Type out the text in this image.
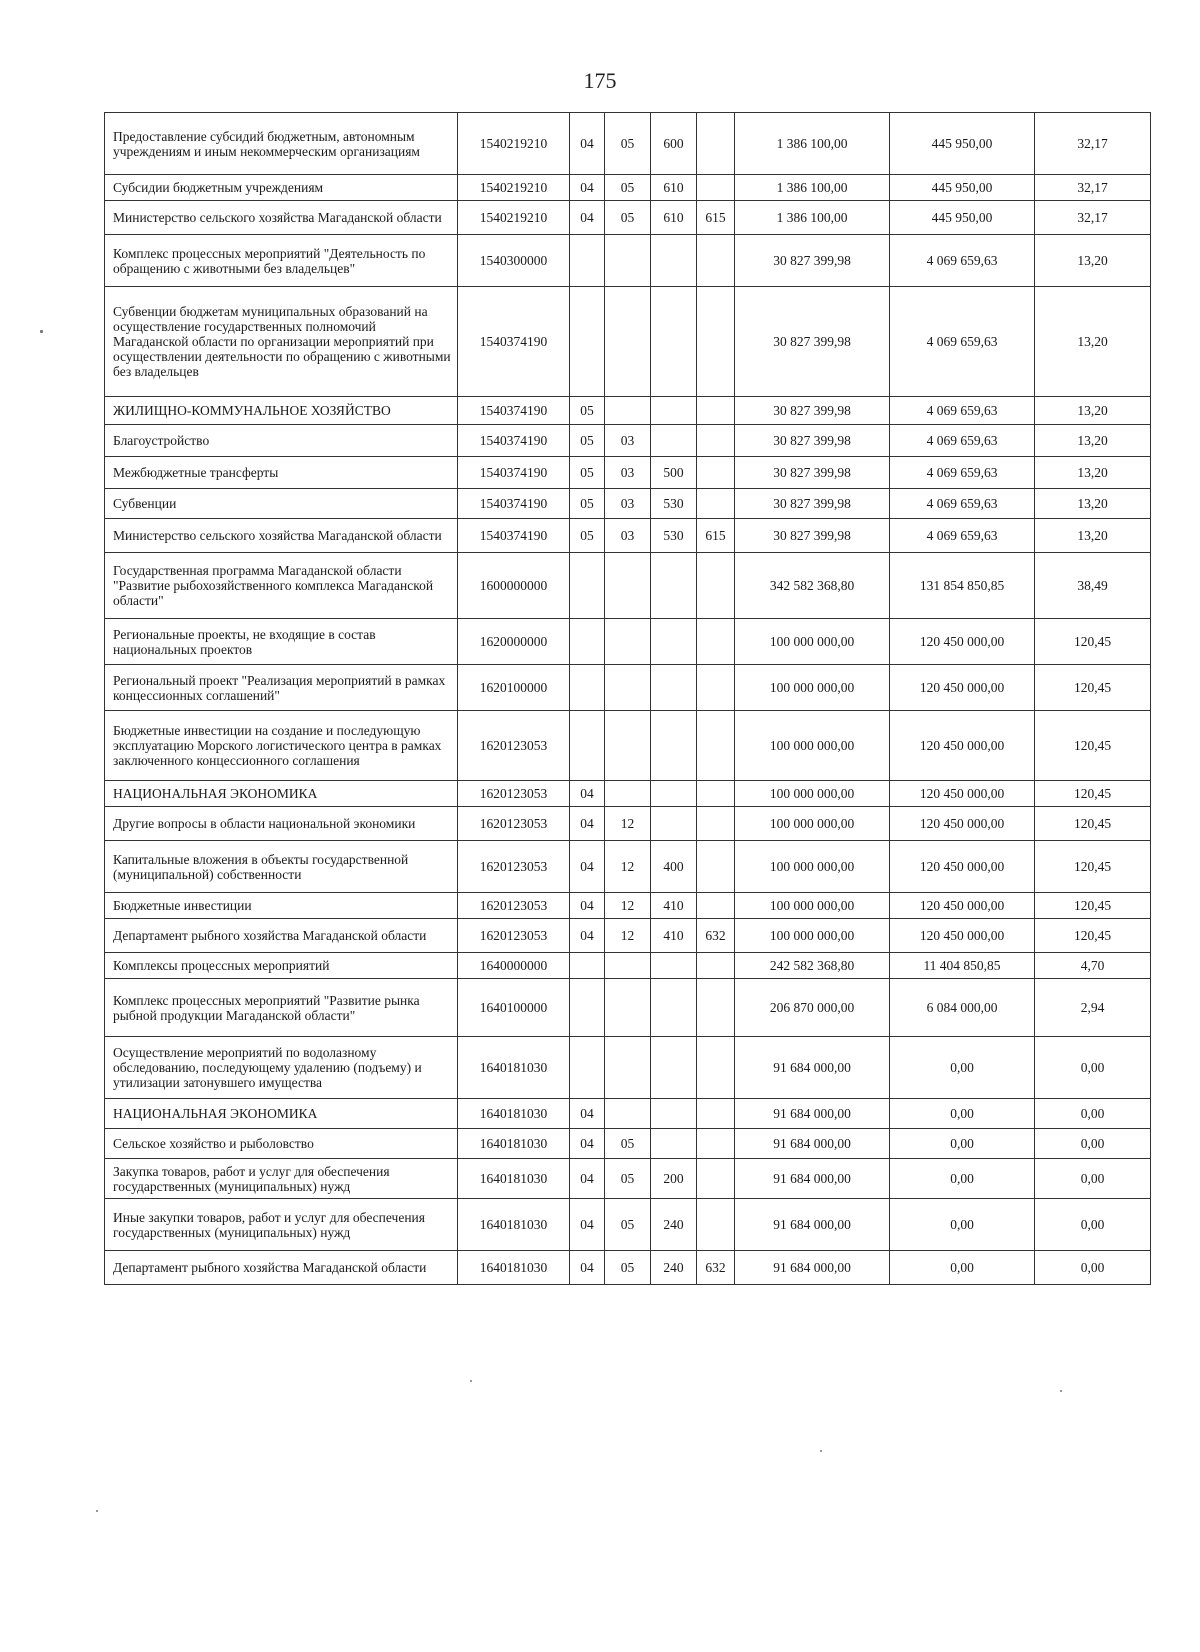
175
Предоставление субсидий бюджетным, автономным учреждениям и иным некоммерческим организациям	1540219210	04	05	600		1 386 100,00	445 950,00	32,17
Субсидии бюджетным учреждениям	1540219210	04	05	610		1 386 100,00	445 950,00	32,17
Министерство сельского хозяйства Магаданской области	1540219210	04	05	610	615	1 386 100,00	445 950,00	32,17
Комплекс процессных мероприятий "Деятельность по обращению с животными без владельцев"	1540300000					30 827 399,98	4 069 659,63	13,20
Субвенции бюджетам муниципальных образований на осуществление государственных полномочий Магаданской области по организации мероприятий при осуществлении деятельности по обращению с животными без владельцев	1540374190					30 827 399,98	4 069 659,63	13,20
ЖИЛИЩНО-КОММУНАЛЬНОЕ ХОЗЯЙСТВО	1540374190	05				30 827 399,98	4 069 659,63	13,20
Благоустройство	1540374190	05	03			30 827 399,98	4 069 659,63	13,20
Межбюджетные трансферты	1540374190	05	03	500		30 827 399,98	4 069 659,63	13,20
Субвенции	1540374190	05	03	530		30 827 399,98	4 069 659,63	13,20
Министерство сельского хозяйства Магаданской области	1540374190	05	03	530	615	30 827 399,98	4 069 659,63	13,20
Государственная программа Магаданской области "Развитие рыбохозяйственного комплекса Магаданской области"	1600000000					342 582 368,80	131 854 850,85	38,49
Региональные проекты, не входящие в состав национальных проектов	1620000000					100 000 000,00	120 450 000,00	120,45
Региональный проект "Реализация мероприятий в рамках концессионных соглашений"	1620100000					100 000 000,00	120 450 000,00	120,45
Бюджетные инвестиции на создание и последующую эксплуатацию Морского логистического центра в рамках заключенного концессионного соглашения	1620123053					100 000 000,00	120 450 000,00	120,45
НАЦИОНАЛЬНАЯ ЭКОНОМИКА	1620123053	04				100 000 000,00	120 450 000,00	120,45
Другие вопросы в области национальной экономики	1620123053	04	12			100 000 000,00	120 450 000,00	120,45
Капитальные вложения в объекты государственной (муниципальной) собственности	1620123053	04	12	400		100 000 000,00	120 450 000,00	120,45
Бюджетные инвестиции	1620123053	04	12	410		100 000 000,00	120 450 000,00	120,45
Департамент рыбного хозяйства Магаданской области	1620123053	04	12	410	632	100 000 000,00	120 450 000,00	120,45
Комплексы процессных мероприятий	1640000000					242 582 368,80	11 404 850,85	4,70
Комплекс процессных мероприятий "Развитие рынка рыбной продукции Магаданской области"	1640100000					206 870 000,00	6 084 000,00	2,94
Осуществление мероприятий по водолазному обследованию, последующему удалению (подъему) и утилизации затонувшего имущества	1640181030					91 684 000,00	0,00	0,00
НАЦИОНАЛЬНАЯ ЭКОНОМИКА	1640181030	04				91 684 000,00	0,00	0,00
Сельское хозяйство и рыболовство	1640181030	04	05			91 684 000,00	0,00	0,00
Закупка товаров, работ и услуг для обеспечения государственных (муниципальных) нужд	1640181030	04	05	200		91 684 000,00	0,00	0,00
Иные закупки товаров, работ и услуг для обеспечения государственных (муниципальных) нужд	1640181030	04	05	240		91 684 000,00	0,00	0,00
Департамент рыбного хозяйства Магаданской области	1640181030	04	05	240	632	91 684 000,00	0,00	0,00
